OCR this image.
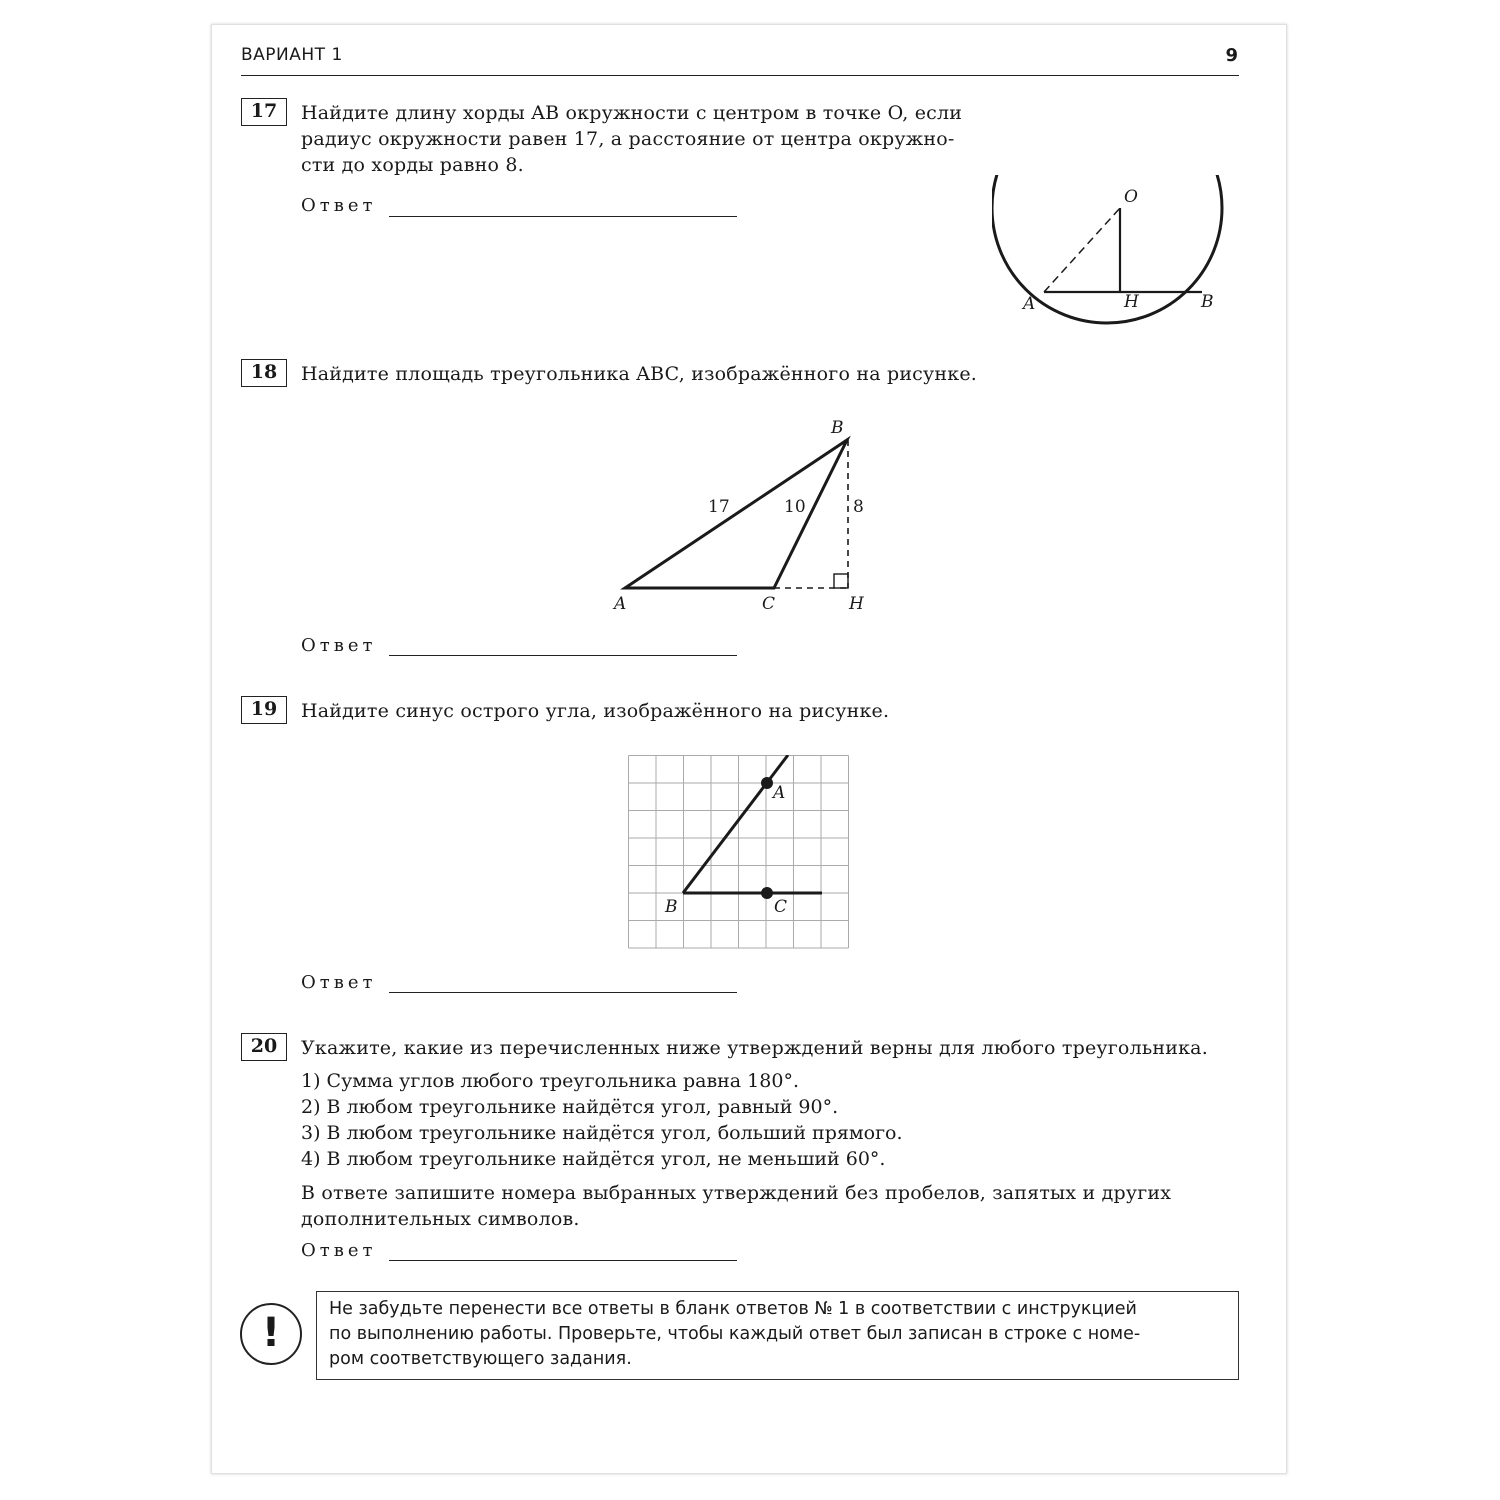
ВАРИАНТ 1	9
17	Найдите длину хорды AB окружности с центром в точке O, если
радиус окружности равен 17, а расстояние от центра окружно-
сти до хорды равно 8.
Ответ	O
A	H	B
18	Найдите площадь треугольника ABC, изображённого на рисунке.
B
A	C	H
17	10	8
Ответ
19	Найдите синус острого угла, изображённого на рисунке.
A
B	C
Ответ
20	Укажите, какие из перечисленных ниже утверждений верны для любого треугольника.
1) Сумма углов любого треугольника равна 180°.
2) В любом треугольнике найдётся угол, равный 90°.
3) В любом треугольнике найдётся угол, больший прямого.
4) В любом треугольнике найдётся угол, не меньший 60°.
В ответе запишите номера выбранных утверждений без пробелов, запятых и других
дополнительных символов.
Ответ
!
Не забудьте перенести все ответы в бланк ответов № 1 в соответствии с инструкцией
по выполнению работы. Проверьте, чтобы каждый ответ был записан в строке с номе-
ром соответствующего задания.
